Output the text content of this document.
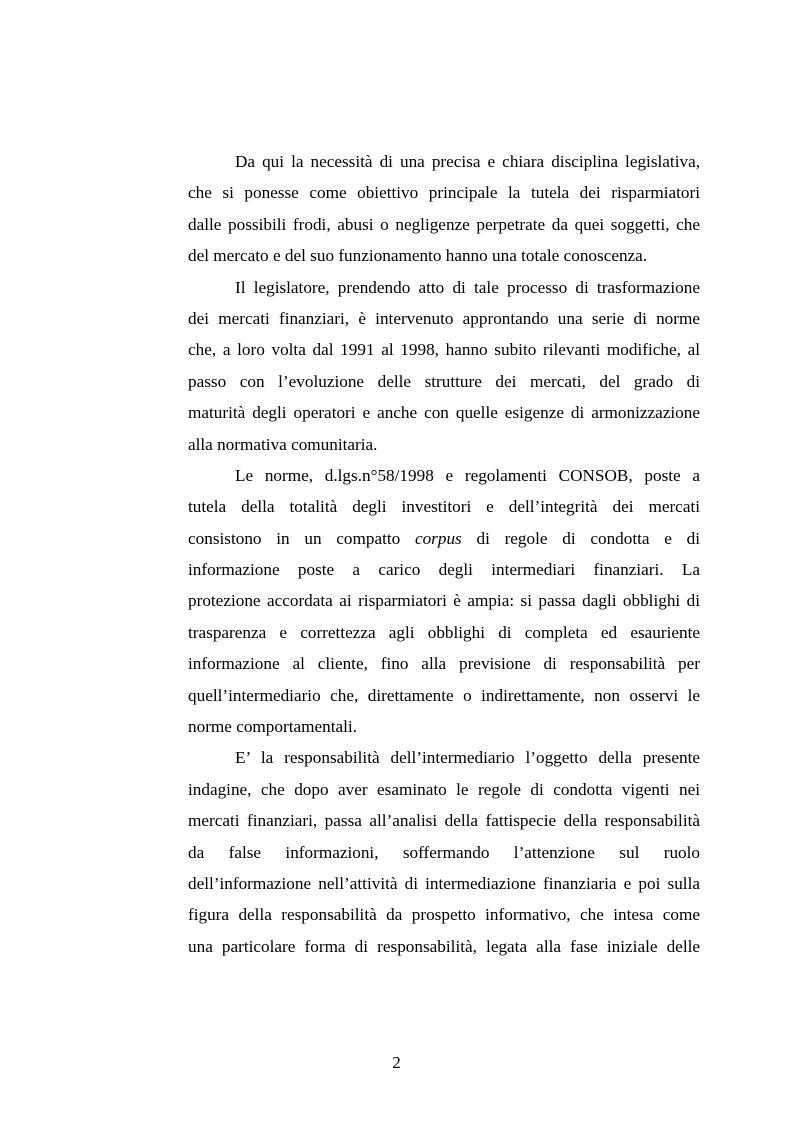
Da qui la necessità di una precisa e chiara disciplina legislativa,
che si ponesse come obiettivo principale la tutela dei risparmiatori
dalle possibili frodi, abusi o negligenze perpetrate da quei soggetti, che
del mercato e del suo funzionamento hanno una totale conoscenza.
Il legislatore, prendendo atto di tale processo di trasformazione
dei mercati finanziari, è intervenuto approntando una serie di norme
che, a loro volta dal 1991 al 1998, hanno subito rilevanti modifiche, al
passo con l’evoluzione delle strutture dei mercati, del grado di
maturità degli operatori e anche con quelle esigenze di armonizzazione
alla normativa comunitaria.
Le norme, d.lgs.n°58/1998 e regolamenti CONSOB, poste a
tutela della totalità degli investitori e dell’integrità dei mercati
consistono in un compatto corpus di regole di condotta e di
informazione poste a carico degli intermediari finanziari. La
protezione accordata ai risparmiatori è ampia: si passa dagli obblighi di
trasparenza e correttezza agli obblighi di completa ed esauriente
informazione al cliente, fino alla previsione di responsabilità per
quell’intermediario che, direttamente o indirettamente, non osservi le
norme comportamentali.
E’ la responsabilità dell’intermediario l’oggetto della presente
indagine, che dopo aver esaminato le regole di condotta vigenti nei
mercati finanziari, passa all’analisi della fattispecie della responsabilità
da false informazioni, soffermando l’attenzione sul ruolo
dell’informazione nell’attività di intermediazione finanziaria e poi sulla
figura della responsabilità da prospetto informativo, che intesa come
una particolare forma di responsabilità, legata alla fase iniziale delle
2
